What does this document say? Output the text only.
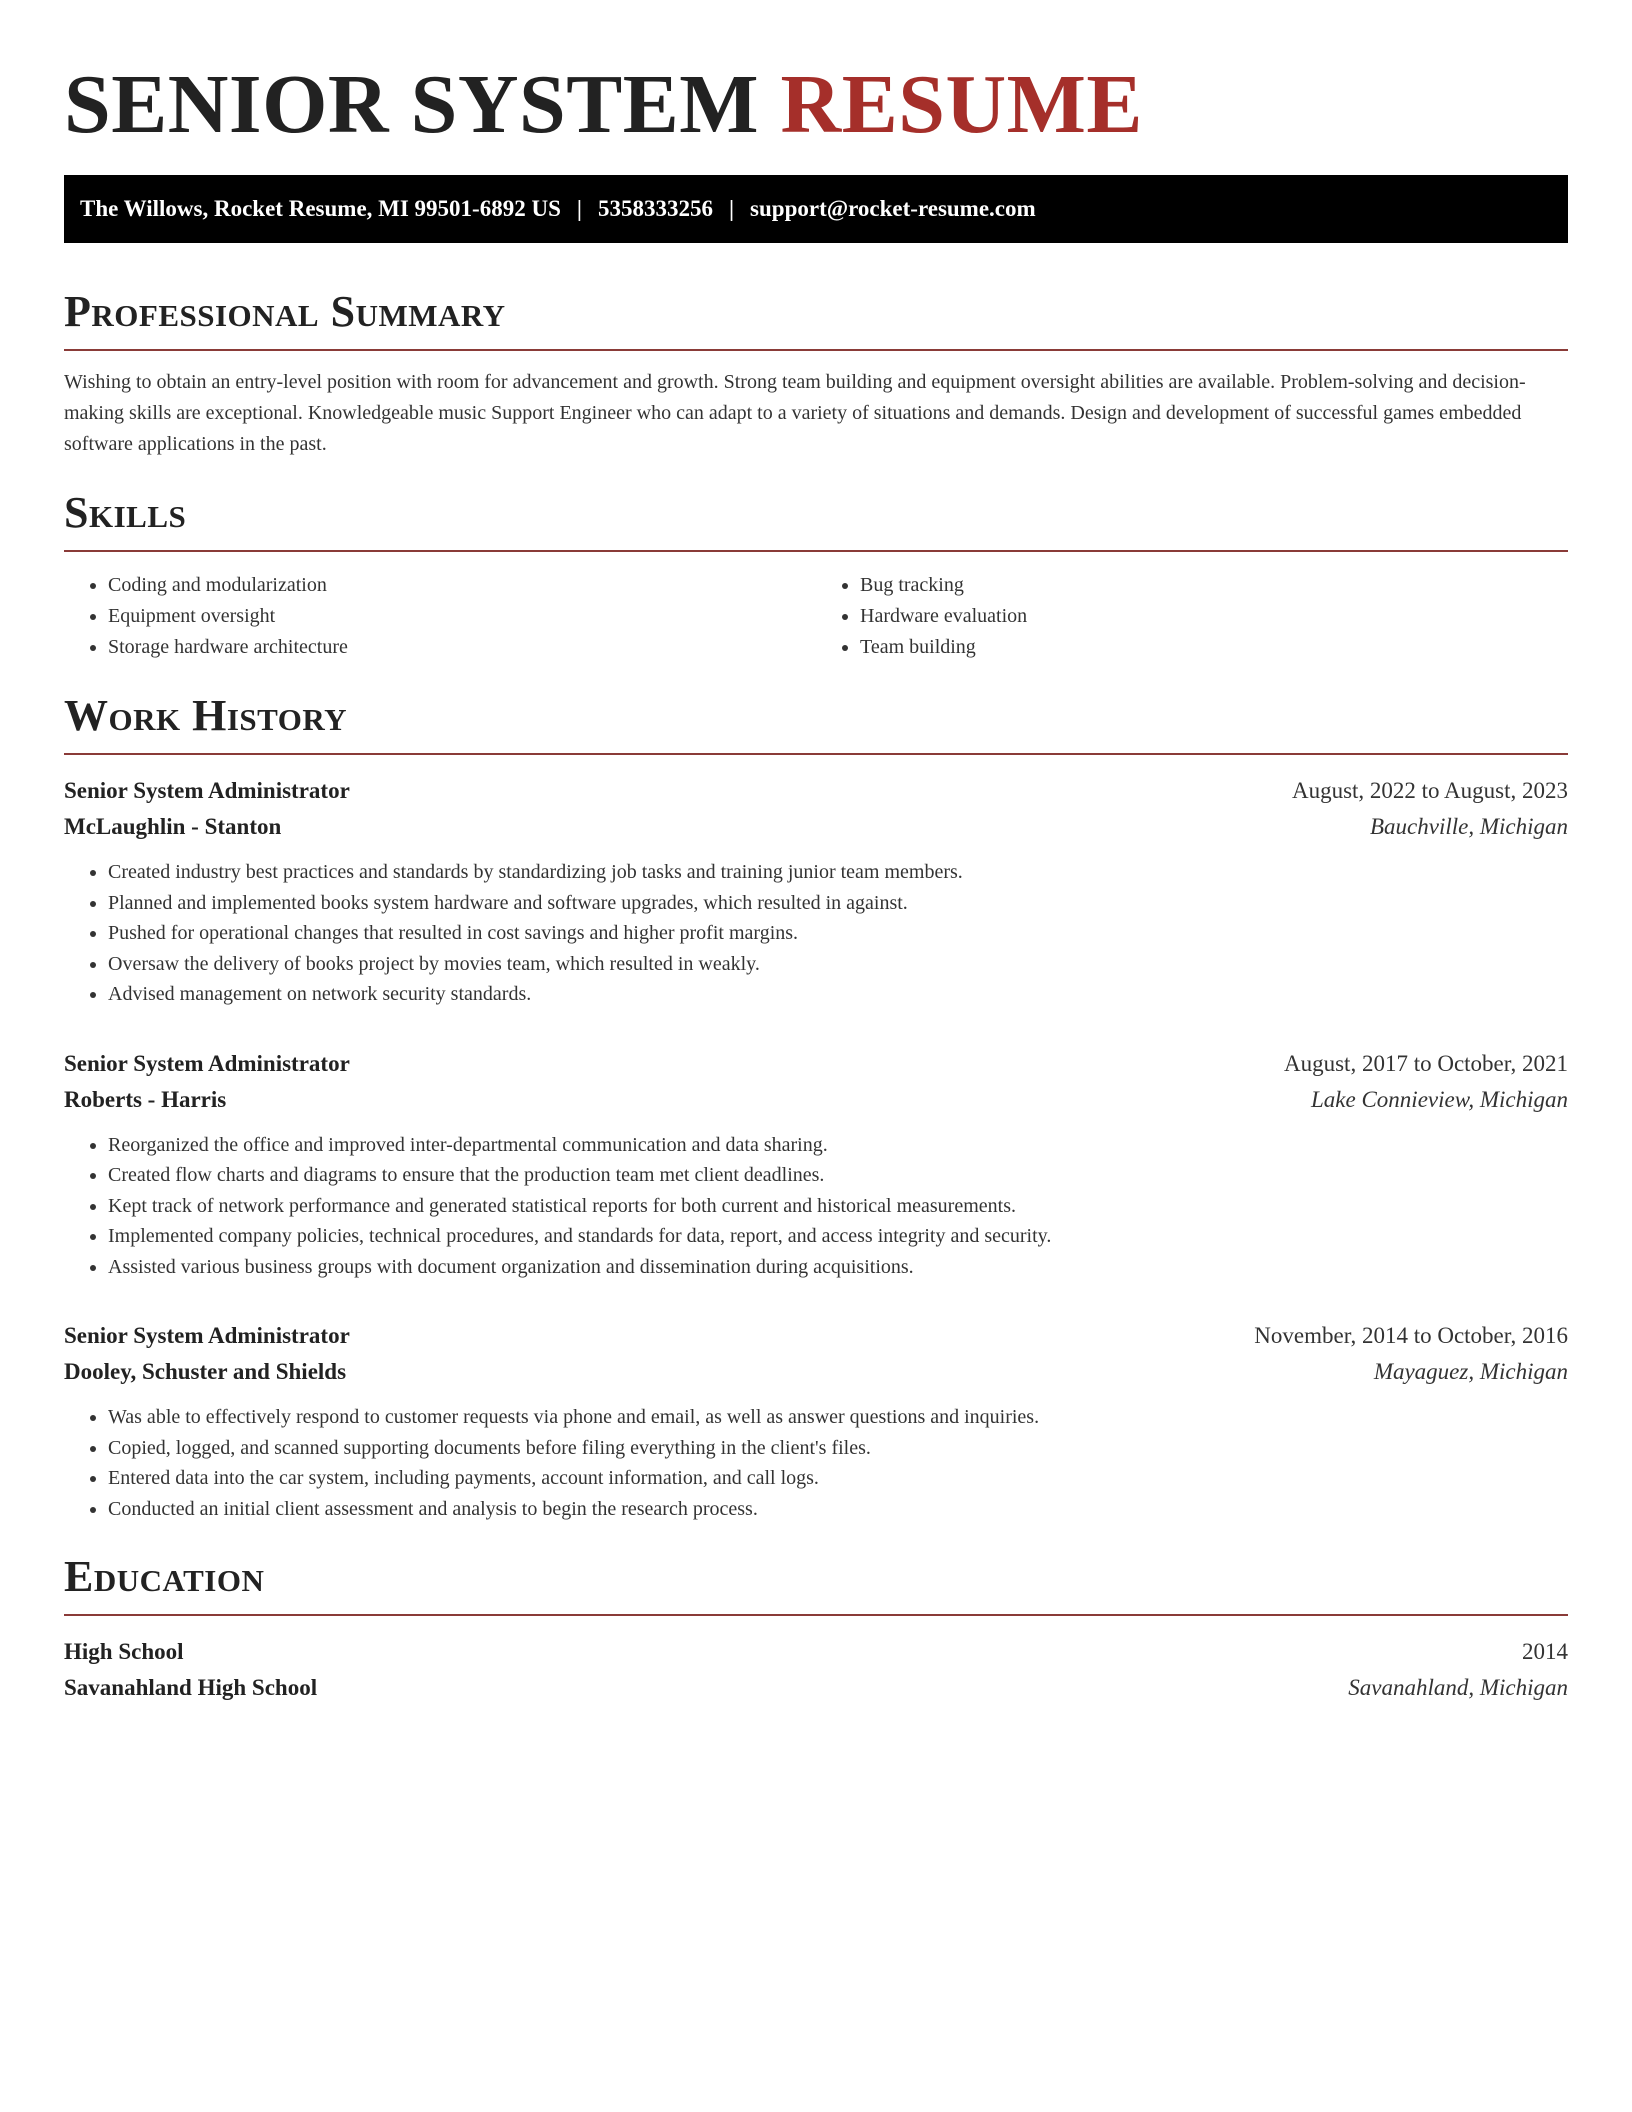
SENIOR SYSTEM RESUME
The Willows, Rocket Resume, MI 99501-6892 US | 5358333256 | support@rocket-resume.com
Professional Summary

Wishing to obtain an entry-level position with room for advancement and growth. Strong team building and equipment oversight abilities are available. Problem-solving and decision-making skills are exceptional. Knowledgeable music Support Engineer who can adapt to a variety of situations and demands. Design and development of successful games embedded software applications in the past.

Skills
• Coding and modularization
• Equipment oversight
• Storage hardware architecture
• Bug tracking
• Hardware evaluation
• Team building
Work History
Senior System Administrator	August, 2022 to August, 2023
McLaughlin - Stanton	Bauchville, Michigan
• Created industry best practices and standards by standardizing job tasks and training junior team members.
• Planned and implemented books system hardware and software upgrades, which resulted in against.
• Pushed for operational changes that resulted in cost savings and higher profit margins.
• Oversaw the delivery of books project by movies team, which resulted in weakly.
• Advised management on network security standards.
Senior System Administrator	August, 2017 to October, 2021
Roberts - Harris	Lake Connieview, Michigan
• Reorganized the office and improved inter-departmental communication and data sharing.
• Created flow charts and diagrams to ensure that the production team met client deadlines.
• Kept track of network performance and generated statistical reports for both current and historical measurements.
• Implemented company policies, technical procedures, and standards for data, report, and access integrity and security.
• Assisted various business groups with document organization and dissemination during acquisitions.
Senior System Administrator	November, 2014 to October, 2016
Dooley, Schuster and Shields	Mayaguez, Michigan
• Was able to effectively respond to customer requests via phone and email, as well as answer questions and inquiries.
• Copied, logged, and scanned supporting documents before filing everything in the client's files.
• Entered data into the car system, including payments, account information, and call logs.
• Conducted an initial client assessment and analysis to begin the research process.
Education
High School	2014
Savanahland High School	Savanahland, Michigan
